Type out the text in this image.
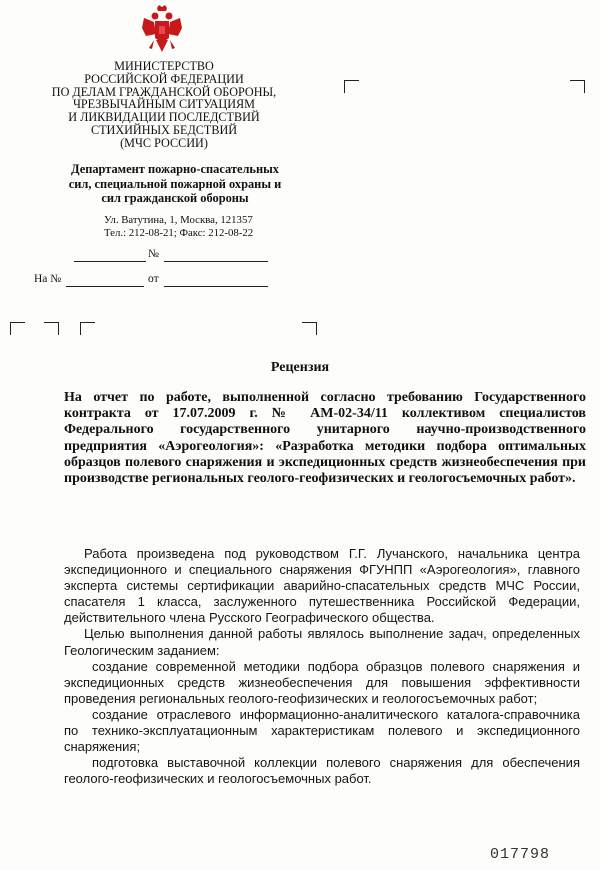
МИНИСТЕРСТВО
РОССИЙСКОЙ ФЕДЕРАЦИИ
ПО ДЕЛАМ ГРАЖДАНСКОЙ ОБОРОНЫ,
ЧРЕЗВЫЧАЙНЫМ СИТУАЦИЯМ
И ЛИКВИДАЦИИ ПОСЛЕДСТВИЙ
СТИХИЙНЫХ БЕДСТВИЙ
(МЧС РОССИИ)
Департамент пожарно-спасательных
сил, специальной пожарной охраны и
сил гражданской обороны
Ул. Ватутина, 1, Москва, 121357
Тел.: 212-08-21; Факс: 212-08-22
№
На №	от
Рецензия
На отчет по работе, выполненной согласно требованию Государственного контракта от 17.07.2009 г. № АМ-02-34/11 коллективом специалистов Федерального государственного унитарного научно-производственного предприятия «Аэрогеология»: «Разработка методики подбора оптимальных образцов полевого снаряжения и экспедиционных средств жизнеобеспечения при производстве региональных геолого-геофизических и геологосъемочных работ».

Работа произведена под руководством Г.Г. Лучанского, начальника центра экспедиционного и специального снаряжения ФГУНПП «Аэрогеология», главного эксперта системы сертификации аварийно-спасательных средств МЧС России, спасателя 1 класса, заслуженного путешественника Российской Федерации, действительного члена Русского Географического общества.

Целью выполнения данной работы являлось выполнение задач, определенных Геологическим заданием:

создание современной методики подбора образцов полевого снаряжения и экспедиционных средств жизнеобеспечения для повышения эффективности проведения региональных геолого-геофизических и геологосъемочных работ;

создание отраслевого информационно-аналитического каталога-справочника по технико-эксплуатационным характеристикам полевого и экспедиционного снаряжения;

подготовка выставочной коллекции полевого снаряжения для обеспечения геолого-геофизических и геологосъемочных работ.

017798
